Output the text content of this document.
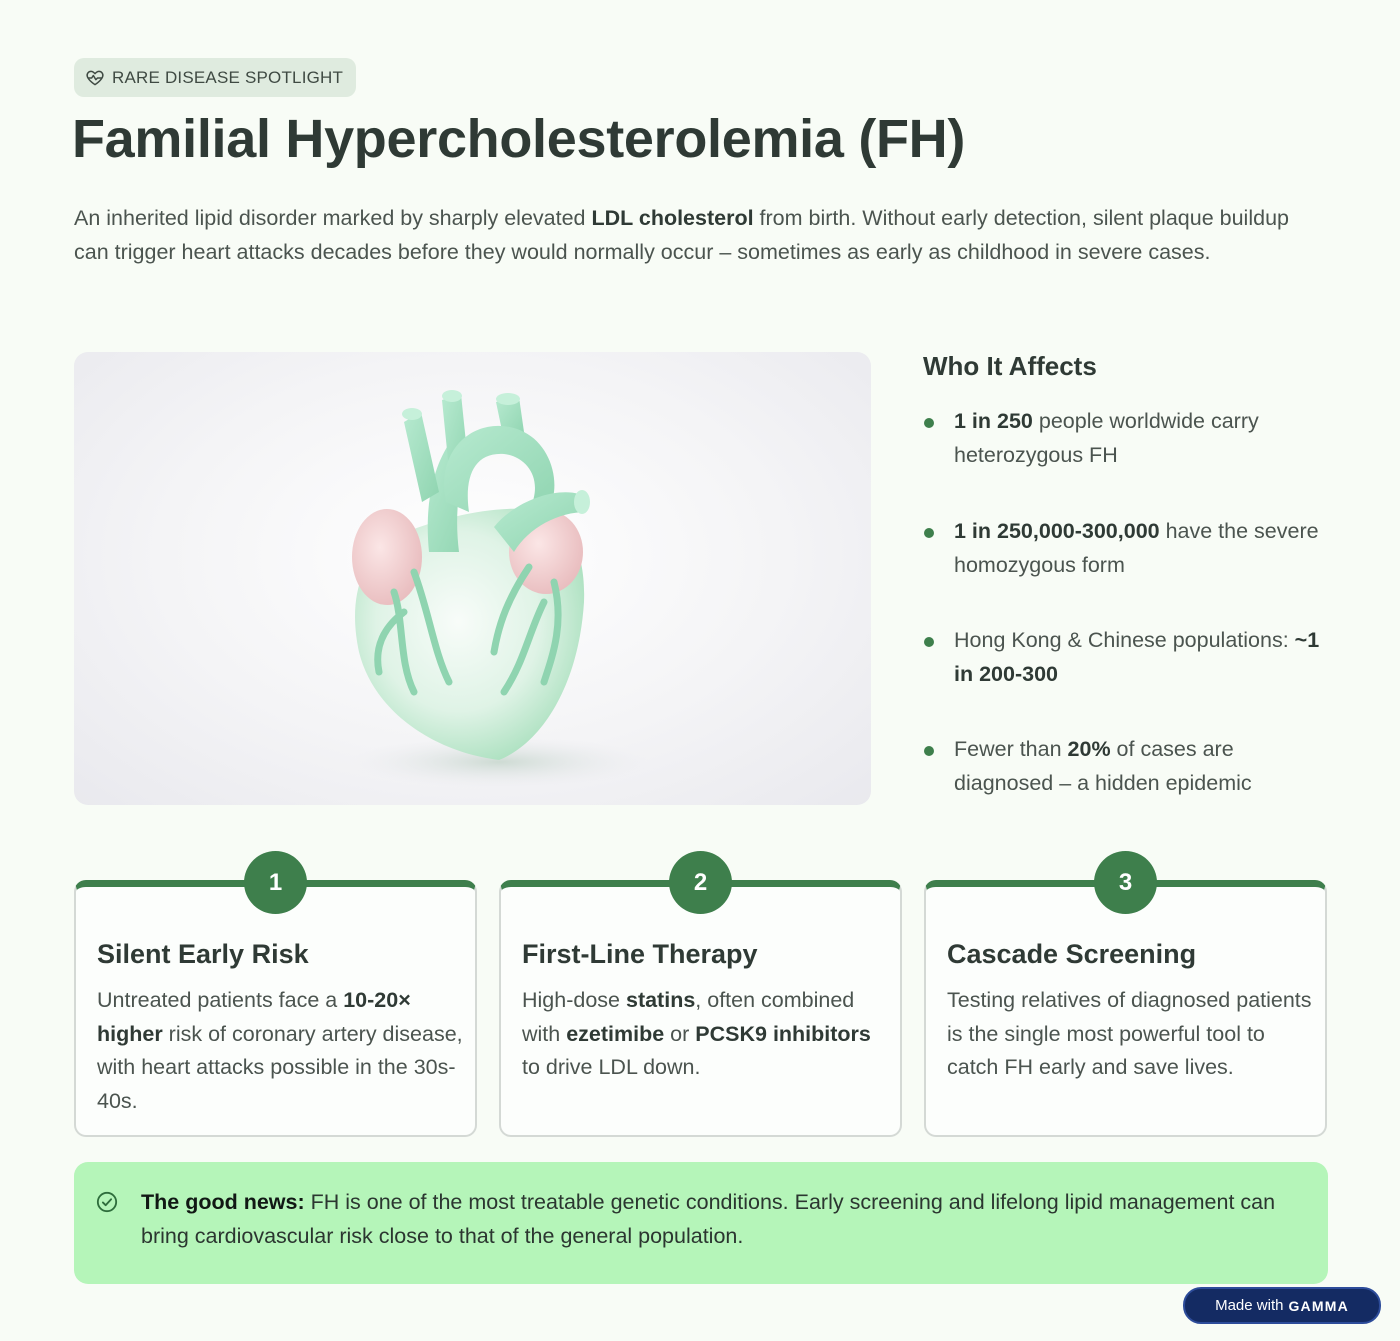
RARE DISEASE SPOTLIGHT
Familial Hypercholesterolemia (FH)

An inherited lipid disorder marked by sharply elevated LDL cholesterol from birth. Without early detection, silent plaque buildup can trigger heart attacks decades before they would normally occur – sometimes as early as childhood in severe cases.

Who It Affects
1 in 250 people worldwide carry heterozygous FH
1 in 250,000-300,000 have the severe homozygous form
Hong Kong & Chinese populations: ~1 in 200-300
Fewer than 20% of cases are diagnosed – a hidden epidemic
Silent Early Risk

Untreated patients face a 10-20× higher risk of coronary artery disease, with heart attacks possible in the 30s-40s.

1
First-Line Therapy

High-dose statins, often combined with ezetimibe or PCSK9 inhibitors to drive LDL down.

2
Cascade Screening

Testing relatives of diagnosed patients is the single most powerful tool to catch FH early and save lives.

3

The good news: FH is one of the most treatable genetic conditions. Early screening and lifelong lipid management can bring cardiovascular risk close to that of the general population.

Made with GAMMA
